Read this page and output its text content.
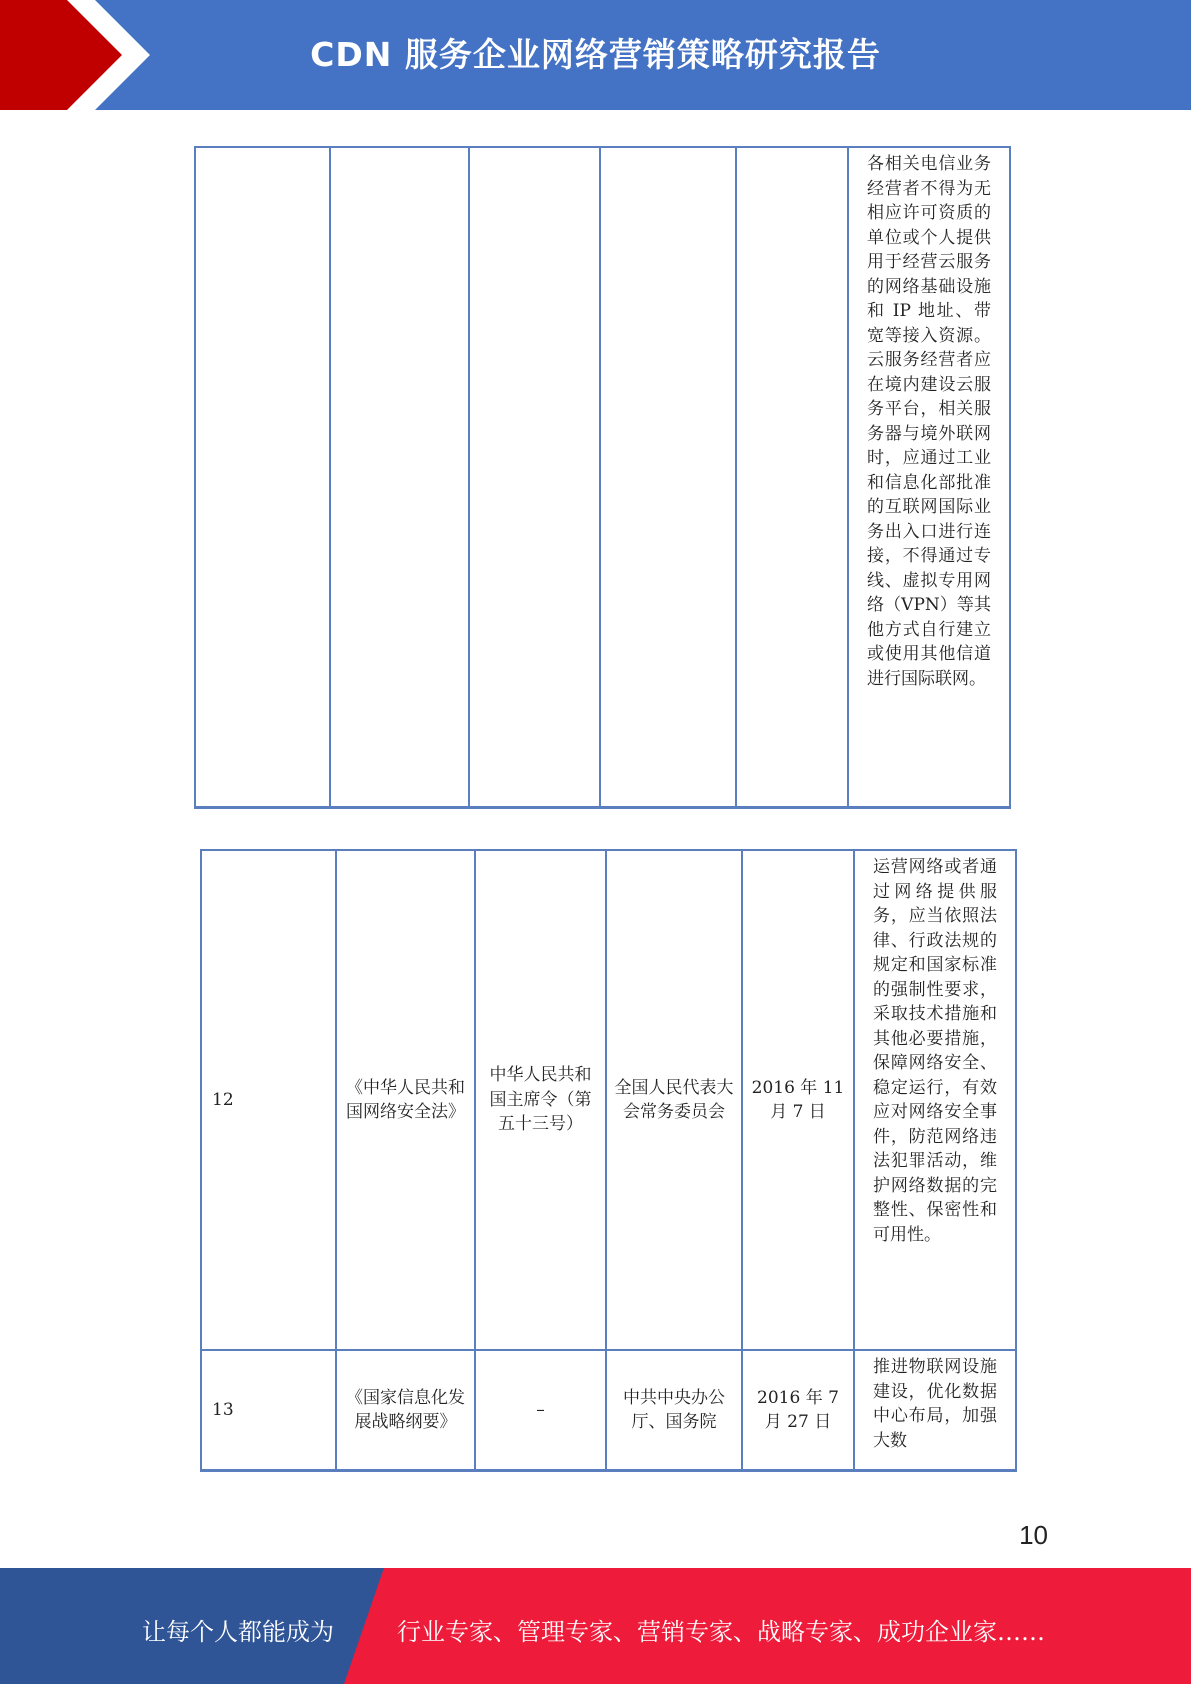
CDN 服务企业网络营销策略研究报告
					各相关电信业务经营者不得为无相应许可资质的单位或个人提供用于经营云服务的网络基础设施和 IP 地址、带宽等接入资源。云服务经营者应在境内建设云服务平台，相关服务器与境外联网时，应通过工业和信息化部批准的互联网国际业务出入口进行连接，不得通过专线、虚拟专用网络（VPN）等其他方式自行建立或使用其他信道进行国际联网。
12	《中华人民共和国网络安全法》	中华人民共和国主席令（第五十三号）	全国人民代表大会常务委员会	2016 年 11 月 7 日	运营网络或者通过网络提供服务，应当依照法律、行政法规的规定和国家标准的强制性要求，采取技术措施和其他必要措施，保障网络安全、稳定运行，有效应对网络安全事件，防范网络违法犯罪活动，维护网络数据的完整性、保密性和可用性。
13	《国家信息化发展战略纲要》	–	中共中央办公厅、国务院	2016 年 7 月 27 日	推进物联网设施建设，优化数据中心布局，加强大数
10
让每个人都能成为	行业专家、管理专家、营销专家、战略专家、成功企业家……
